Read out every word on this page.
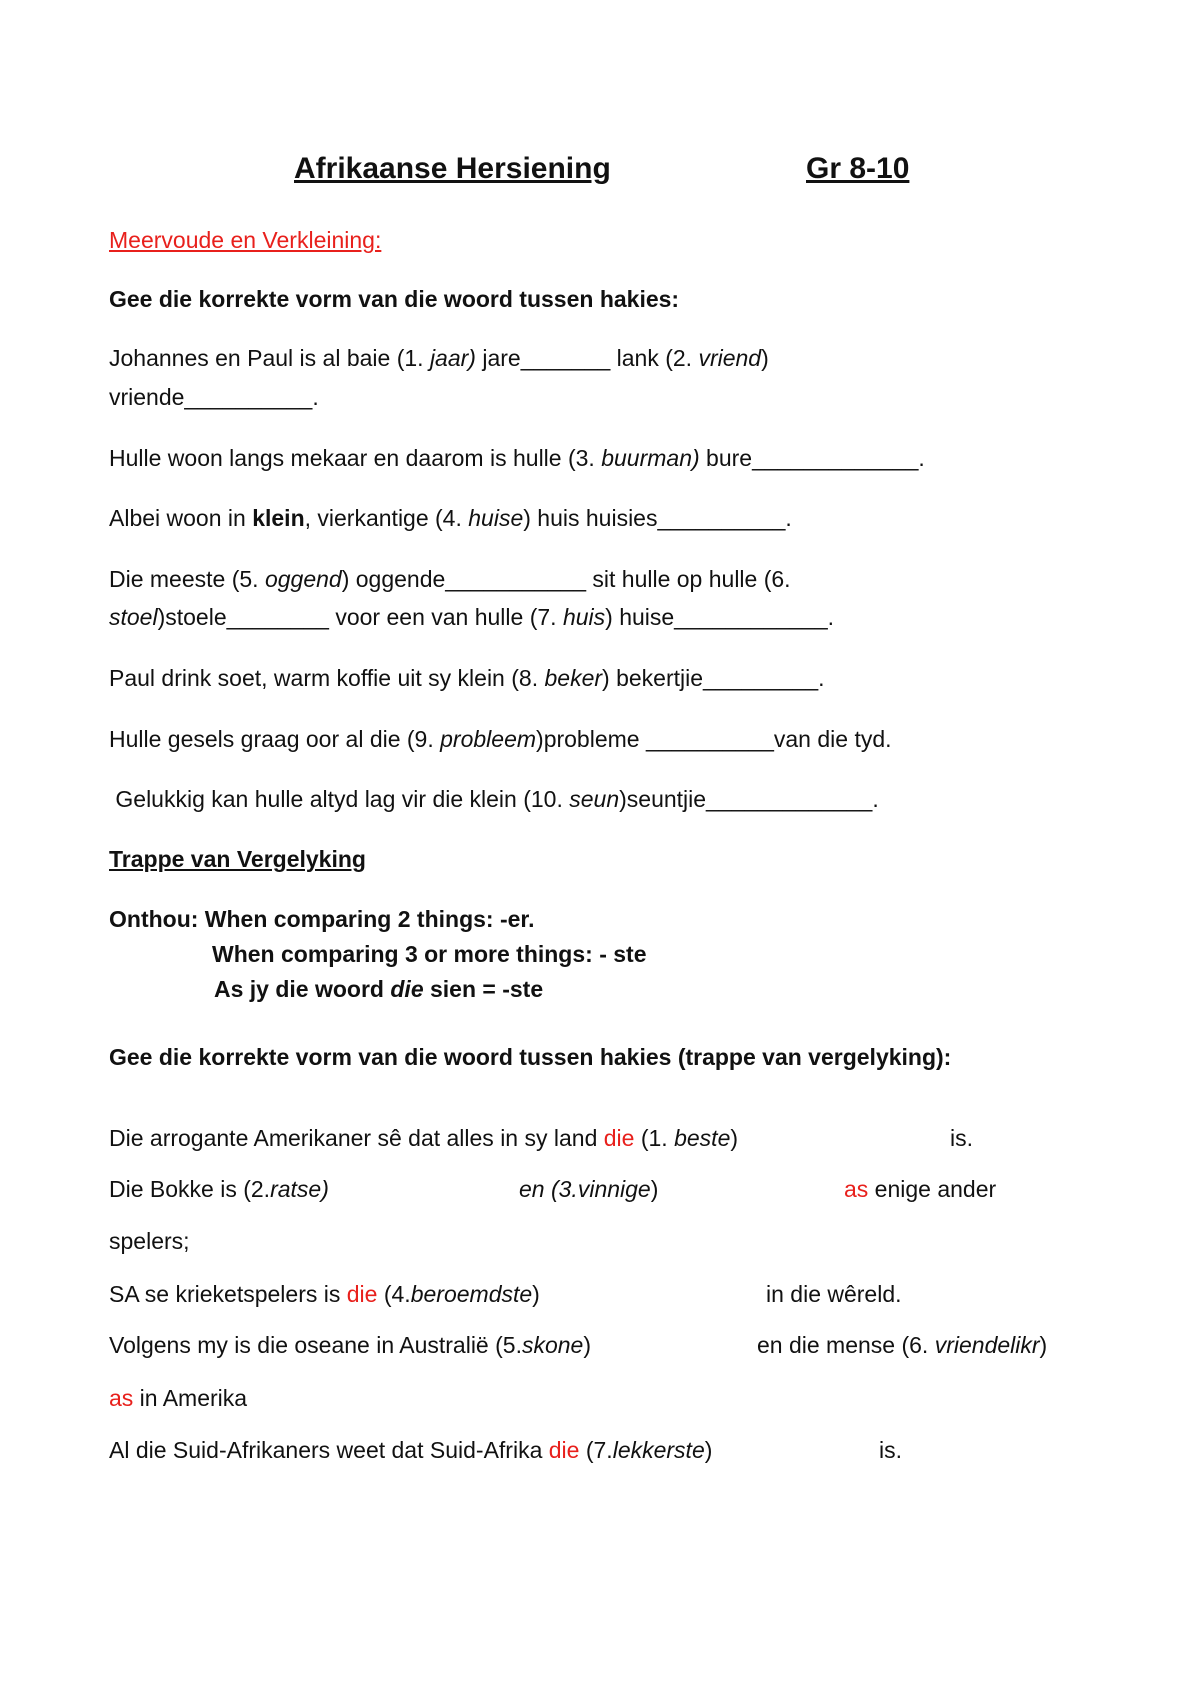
Afrikaanse Hersiening	Gr 8-10

Meervoude en Verkleining:

Gee die korrekte vorm van die woord tussen hakies:

Johannes en Paul is al baie (1. jaar) jare_______ lank (2. vriend)

vriende__________.

Hulle woon langs mekaar en daarom is hulle (3. buurman) bure_____________.

Albei woon in klein, vierkantige (4. huise) huis huisies__________.

Die meeste (5. oggend) oggende___________ sit hulle op hulle (6.

stoel)stoele________ voor een van hulle (7. huis) huise____________.

Paul drink soet, warm koffie uit sy klein (8. beker) bekertjie_________.

Hulle gesels graag oor al die (9. probleem)probleme __________van die tyd.

Gelukkig kan hulle altyd lag vir die klein (10. seun)seuntjie_____________.

Trappe van Vergelyking

Onthou: When comparing 2 things: -er.

When comparing 3 or more things: - ste

As jy die woord die sien = -ste

Gee die korrekte vorm van die woord tussen hakies (trappe van vergelyking):

Die arrogante Amerikaner sê dat alles in sy land die (1. beste)	is.

Die Bokke is (2.ratse)	en (3.vinnige)	as enige ander

spelers;

SA se krieketspelers is die (4.beroemdste)	in die wêreld.

Volgens my is die oseane in Australië (5.skone)	en die mense (6. vriendelikr)

as in Amerika

Al die Suid-Afrikaners weet dat Suid-Afrika die (7.lekkerste)	is.
